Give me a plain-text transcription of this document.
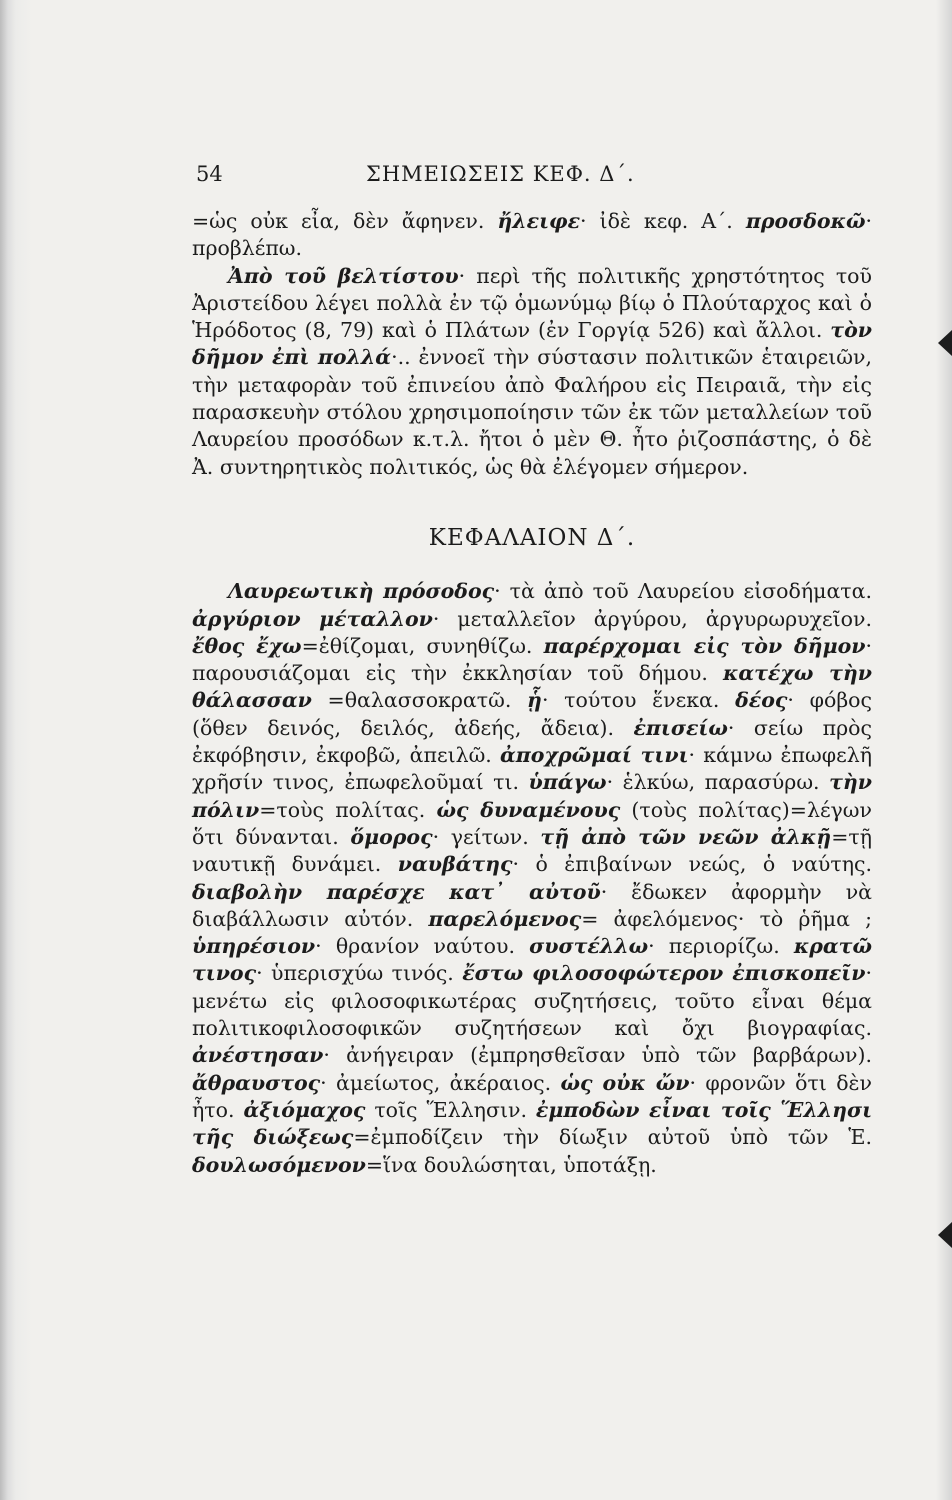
54	ΣΗΜΕΙΩΣΕΙΣ ΚΕΦ. Δ΄.

=ὡς οὐκ εἶα, δὲν ἄφηνεν. ἤλειφε· ἰδὲ κεφ. Α΄. προσδοκῶ· προβλέπω.

Ἀπὸ τοῦ βελτίστου· περὶ τῆς πολιτικῆς χρηστότητος τοῦ Ἀριστείδου λέγει πολλὰ ἐν τῷ ὁμωνύμῳ βίῳ ὁ Πλούταρχος καὶ ὁ Ἡρόδοτος (8, 79) καὶ ὁ Πλάτων (ἐν Γοργίᾳ 526) καὶ ἄλλοι. τὸν δῆμον ἐπὶ πολλά·.. ἐννοεῖ τὴν σύστασιν πολιτικῶν ἑταιρειῶν, τὴν μεταφορὰν τοῦ ἐπινείου ἀπὸ Φαλήρου εἰς Πειραιᾶ, τὴν εἰς παρασκευὴν στόλου χρησιμοποίησιν τῶν ἐκ τῶν μεταλλείων τοῦ Λαυρείου προσόδων κ.τ.λ. ἤτοι ὁ μὲν Θ. ἦτο ῥιζοσπάστης, ὁ δὲ Ἀ. συντηρητικὸς πολιτικός, ὡς θὰ ἐλέγομεν σήμερον.

ΚΕΦΑΛΑΙΟΝ Δ΄.

Λαυρεωτικὴ πρόσοδος· τὰ ἀπὸ τοῦ Λαυρείου εἰσοδήματα. ἀργύριον μέταλλον· μεταλλεῖον ἀργύρου, ἀργυρωρυχεῖον. ἔθος ἔχω=ἐθίζομαι, συνηθίζω. παρέρχομαι εἰς τὸν δῆμον· παρουσιάζομαι εἰς τὴν ἐκκλησίαν τοῦ δήμου. κατέχω τὴν θάλασσαν =θαλασσοκρατῶ. ᾗ· τούτου ἕνεκα. δέος· φόβος (ὅθεν δεινός, δειλός, ἀδεής, ἄδεια). ἐπισείω· σείω πρὸς ἐκφόβησιν, ἐκφοβῶ, ἀπειλῶ. ἀποχρῶμαί τινι· κάμνω ἐπωφελῆ χρῆσίν τινος, ἐπωφελοῦμαί τι. ὑπάγω· ἑλκύω, παρασύρω. τὴν πόλιν=τοὺς πολίτας. ὡς δυναμένους (τοὺς πολίτας)=λέγων ὅτι δύνανται. ὅμορος· γείτων. τῇ ἀπὸ τῶν νεῶν ἀλκῇ=τῇ ναυτικῇ δυνάμει. ναυβάτης· ὁ ἐπιβαίνων νεώς, ὁ ναύτης. διαβολὴν παρέσχε κατ᾽ αὐτοῦ· ἔδωκεν ἀφορμὴν νὰ διαβάλλωσιν αὐτόν. παρελόμενος= ἀφελόμενος· τὸ ῥῆμα ; ὑπηρέσιον· θρανίον ναύτου. συστέλλω· περιορίζω. κρατῶ τινος· ὑπερισχύω τινός. ἔστω φιλοσοφώτερον ἐπισκοπεῖν· μενέτω εἰς φιλοσοφικωτέρας συζητήσεις, τοῦτο εἶναι θέμα πολιτικοφιλοσοφικῶν συζητήσεων καὶ ὄχι βιογραφίας. ἀνέστησαν· ἀνήγειραν (ἐμπρησθεῖσαν ὑπὸ τῶν βαρβάρων). ἄθραυστος· ἀμείωτος, ἀκέραιος. ὡς οὐκ ὤν· φρονῶν ὅτι δὲν ἦτο. ἀξιόμαχος τοῖς Ἕλλησιν. ἐμποδὼν εἶναι τοῖς Ἕλλησι τῆς διώξεως=ἐμποδίζειν τὴν δίωξιν αὐτοῦ ὑπὸ τῶν Ἑ. δουλωσόμενον=ἵνα δουλώσηται, ὑποτάξῃ.
